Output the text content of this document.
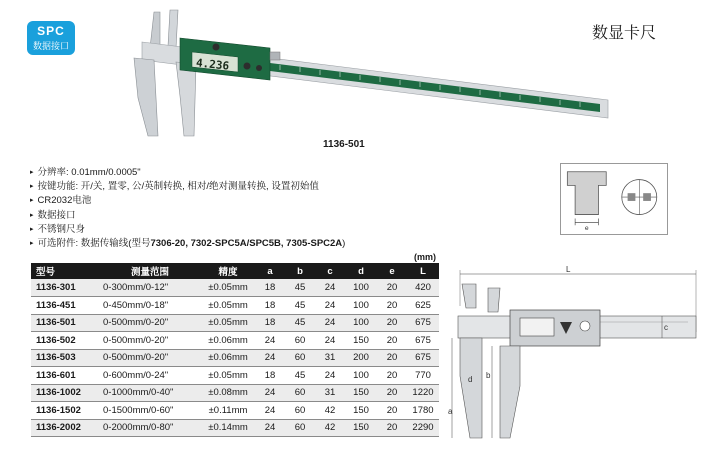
SPC
数据接口
数显卡尺
4.236
1136-501
▸ 分辨率: 0.01mm/0.0005"
▸ 按键功能: 开/关, 置零, 公/英制转换, 相对/绝对测量转换, 设置初始值
▸ CR2032电池
▸ 数据接口
▸ 不锈钢尺身
▸ 可选附件: 数据传输线(型号7306-20, 7302-SPC5A/SPC5B, 7305-SPC2A)
e
(mm)
型号	测量范围	精度	a	b	c	d	e	L
1136-301	0-300mm/0-12"	±0.05mm	18	45	24	100	20	420
1136-451	0-450mm/0-18"	±0.05mm	18	45	24	100	20	625
1136-501	0-500mm/0-20"	±0.05mm	18	45	24	100	20	675
1136-502	0-500mm/0-20"	±0.06mm	24	60	24	150	20	675
1136-503	0-500mm/0-20"	±0.06mm	24	60	31	200	20	675
1136-601	0-600mm/0-24"	±0.05mm	18	45	24	100	20	770
1136-1002	0-1000mm/0-40"	±0.08mm	24	60	31	150	20	1220
1136-1502	0-1500mm/0-60"	±0.11mm	24	60	42	150	20	1780
1136-2002	0-2000mm/0-80"	±0.14mm	24	60	42	150	20	2290
L
c
b
d
a
